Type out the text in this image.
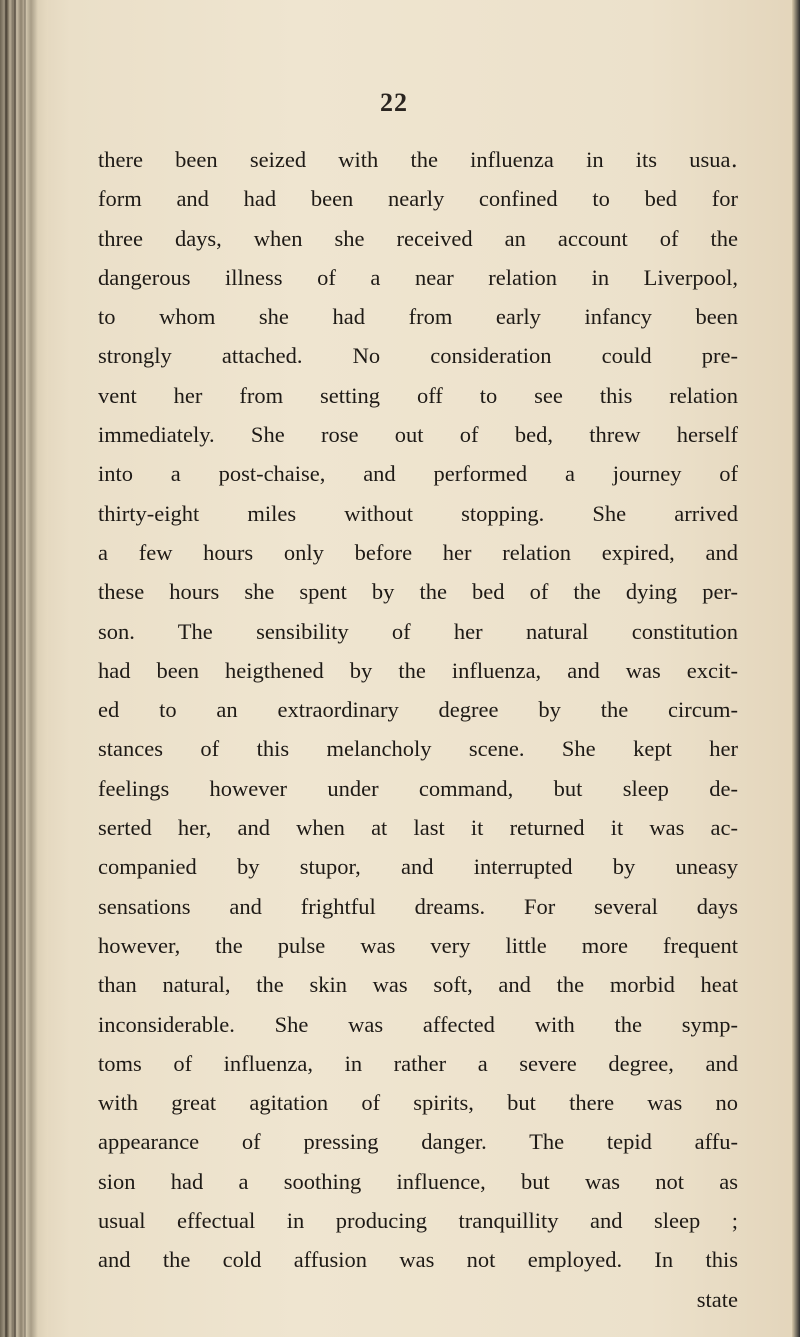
22
there been seized with the influenza in its usua․
form and had been nearly confined to bed for
three days, when she received an account of the
dangerous illness of a near relation in Liverpool,
to whom she had from early infancy been
strongly attached. No consideration could pre-
vent her from setting off to see this relation
immediately. She rose out of bed, threw herself
into a post-chaise, and performed a journey of
thirty-eight miles without stopping. She arrived
a few hours only before her relation expired, and
these hours she spent by the bed of the dying per-
son. The sensibility of her natural constitution
had been heigthened by the influenza, and was excit-
ed to an extraordinary degree by the circum-
stances of this melancholy scene. She kept her
feelings however under command, but sleep de-
serted her, and when at last it returned it was ac-
companied by stupor, and interrupted by uneasy
sensations and frightful dreams. For several days
however, the pulse was very little more frequent
than natural, the skin was soft, and the morbid heat
inconsiderable. She was affected with the symp-
toms of influenza, in rather a severe degree, and
with great agitation of spirits, but there was no
appearance of pressing danger. The tepid affu-
sion had a soothing influence, but was not as
usual effectual in producing tranquillity and sleep ;
and the cold affusion was not employed. In this
state
